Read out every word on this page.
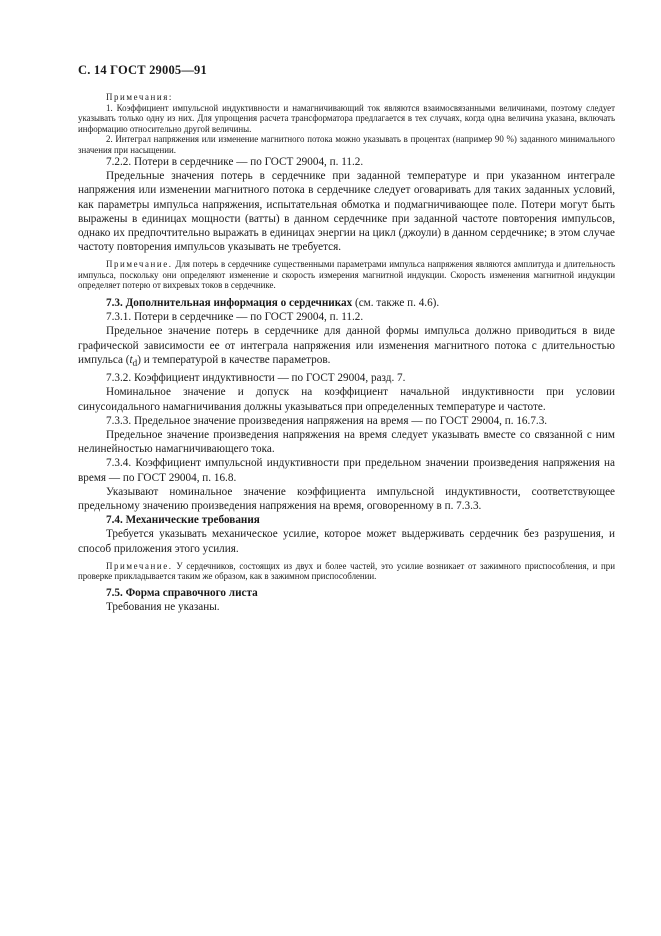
С. 14 ГОСТ 29005—91

Примечания:

1. Коэффициент импульсной индуктивности и намагничивающий ток являются взаимосвязанными величинами, поэтому следует указывать только одну из них. Для упрощения расчета трансформатора предлагается в тех случаях, когда одна величина указана, включать информацию относительно другой величины.

2. Интеграл напряжения или изменение магнитного потока можно указывать в процентах (например 90 %) заданного минимального значения при насыщении.

7.2.2. Потери в сердечнике — по ГОСТ 29004, п. 11.2.

Предельные значения потерь в сердечнике при заданной температуре и при указанном интеграле напряжения или изменении магнитного потока в сердечнике следует оговаривать для таких заданных условий, как параметры импульса напряжения, испытательная обмотка и подмагничивающее поле. Потери могут быть выражены в единицах мощности (ватты) в данном сердечнике при заданной частоте повторения импульсов, однако их предпочтительно выражать в единицах энергии на цикл (джоули) в данном сердечнике; в этом случае частоту повторения импульсов указывать не требуется.

Примечание. Для потерь в сердечнике существенными параметрами импульса напряжения являются амплитуда и длительность импульса, поскольку они определяют изменение и скорость измерения магнитной индукции. Скорость изменения магнитной индукции определяет потерю от вихревых токов в сердечнике.

7.3. Дополнительная информация о сердечниках (см. также п. 4.6).

7.3.1. Потери в сердечнике — по ГОСТ 29004, п. 11.2.

Предельное значение потерь в сердечнике для данной формы импульса должно приводиться в виде графической зависимости ее от интеграла напряжения или изменения магнитного потока с длительностью импульса $(t_d)$ и температурой в качестве параметров.

7.3.2. Коэффициент индуктивности — по ГОСТ 29004, разд. 7.

Номинальное значение и допуск на коэффициент начальной индуктивности при условии синусоидального намагничивания должны указываться при определенных температуре и частоте.

7.3.3. Предельное значение произведения напряжения на время — по ГОСТ 29004, п. 16.7.3.

Предельное значение произведения напряжения на время следует указывать вместе со связанной с ним нелинейностью намагничивающего тока.

7.3.4. Коэффициент импульсной индуктивности при предельном значении произведения напряжения на время — по ГОСТ 29004, п. 16.8.

Указывают номинальное значение коэффициента импульсной индуктивности, соответствующее предельному значению произведения напряжения на время, оговоренному в п. 7.3.3.

7.4. Механические требования

Требуется указывать механическое усилие, которое может выдерживать сердечник без разрушения, и способ приложения этого усилия.

Примечание. У сердечников, состоящих из двух и более частей, это усилие возникает от зажимного приспособления, и при проверке прикладывается таким же образом, как в зажимном приспособлении.

7.5. Форма справочного листа

Требования не указаны.
